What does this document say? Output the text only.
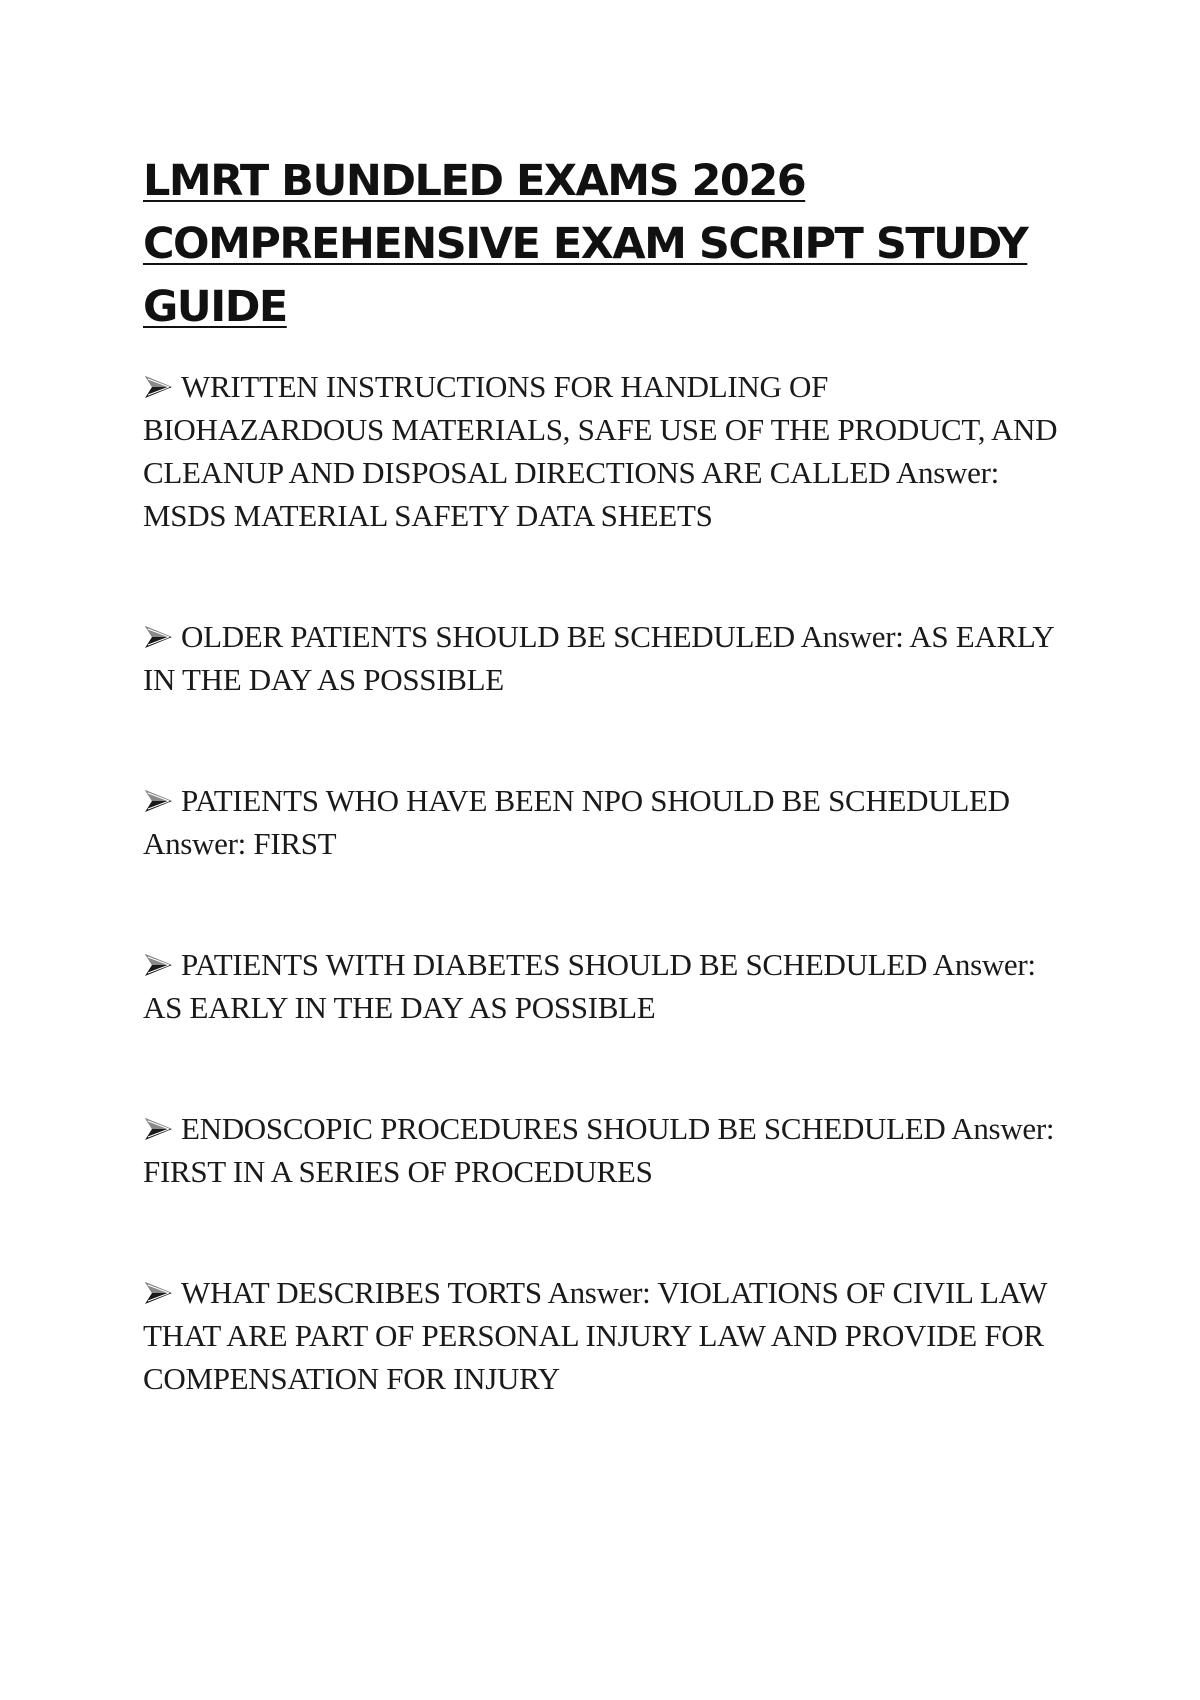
LMRT BUNDLED EXAMS 2026
COMPREHENSIVE EXAM SCRIPT STUDY
GUIDE
WRITTEN INSTRUCTIONS FOR HANDLING OF BIOHAZARDOUS MATERIALS, SAFE USE OF THE PRODUCT, AND CLEANUP AND DISPOSAL DIRECTIONS ARE CALLED Answer: MSDS MATERIAL SAFETY DATA SHEETS
OLDER PATIENTS SHOULD BE SCHEDULED Answer: AS EARLY IN THE DAY AS POSSIBLE
PATIENTS WHO HAVE BEEN NPO SHOULD BE SCHEDULED Answer: FIRST
PATIENTS WITH DIABETES SHOULD BE SCHEDULED Answer: AS EARLY IN THE DAY AS POSSIBLE
ENDOSCOPIC PROCEDURES SHOULD BE SCHEDULED Answer: FIRST IN A SERIES OF PROCEDURES
WHAT DESCRIBES TORTS Answer: VIOLATIONS OF CIVIL LAW THAT ARE PART OF PERSONAL INJURY LAW AND PROVIDE FOR COMPENSATION FOR INJURY
